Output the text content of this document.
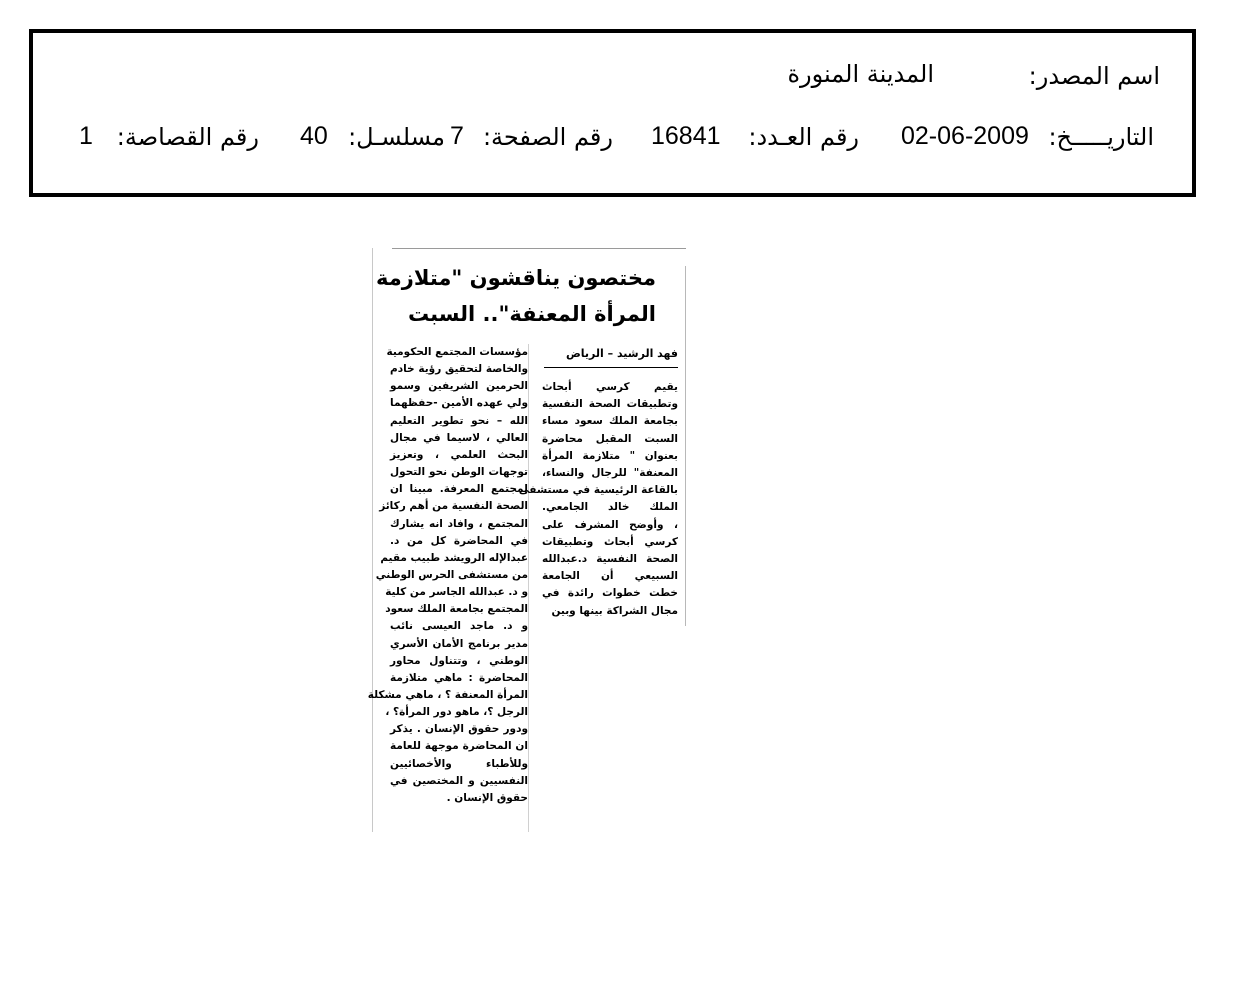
اسم المصدر:
المدينة المنورة
التاريـــــخ:
02-06-2009
رقم العـدد:
16841
رقم الصفحة:
7
مسلسـل:
40
رقم القصاصة:
1
مختصون يناقشون "متلازمة
المرأة المعنفة".. السبت
فهد الرشيد – الرياض
يقيم كرسي أبحاث
وتطبيقات الصحة النفسية
بجامعة الملك سعود مساء
السبت المقبل محاضرة
بعنوان " متلازمة المرأة
المعنفة" للرجال والنساء،
بالقاعة الرئيسية في مستشفى
الملك خالد الجامعي.
، وأوضح المشرف على
كرسي أبحاث وتطبيقات
الصحة النفسية د.عبدالله
السبيعي أن الجامعة
خطت خطوات رائدة في
مجال الشراكة بينها وبين
مؤسسات المجتمع الحكومية
والخاصة لتحقيق رؤية خادم
الحرمين الشريفين وسمو
ولي عهده الأمين -حفظهما
الله – نحو تطوير التعليم
العالي ، لاسيما في مجال
البحث العلمي ، وتعزيز
توجهات الوطن نحو التحول
لمجتمع المعرفة. مبينا ان
الصحة النفسية من أهم ركائز
المجتمع ، وافاد انه يشارك
في المحاضرة كل من د.
عبدالإله الرويشد طبيب مقيم
من مستشفى الحرس الوطني
و د. عبدالله الجاسر من كلية
المجتمع بجامعة الملك سعود
و د. ماجد العيسى نائب
مدير برنامج الأمان الأسري
الوطني ، وتتناول محاور
المحاضرة : ماهي متلازمة
المرأة المعنفة ؟ ، ماهي مشكلة
الرجل ؟، ماهو دور المرأة؟ ،
ودور حقوق الإنسان . يذكر
ان المحاضرة موجهة للعامة
وللأطباء والأخصائيين
النفسيين و المختصين في
حقوق الإنسان .
